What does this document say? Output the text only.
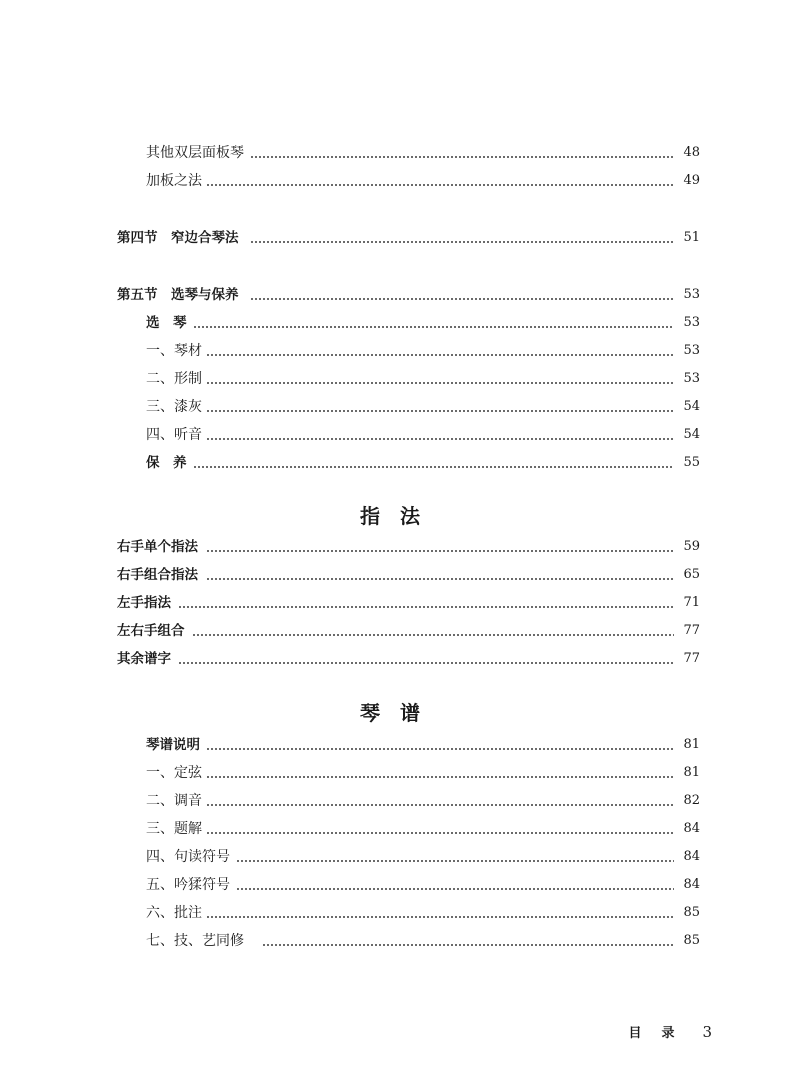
其他双层面板琴	48
加板之法	49
第四节　窄边合琴法	51
第五节　选琴与保养	53
选　琴	53
一、琴材	53
二、形制	53
三、漆灰	54
四、听音	54
保　养	55
指法
右手单个指法	59
右手组合指法	65
左手指法	71
左右手组合	77
其余谱字	77
琴谱
琴谱说明	81
一、定弦	81
二、调音	82
三、题解	84
四、句读符号	84
五、吟猱符号	84
六、批注	85
七、技、艺同修	85
目录 3
